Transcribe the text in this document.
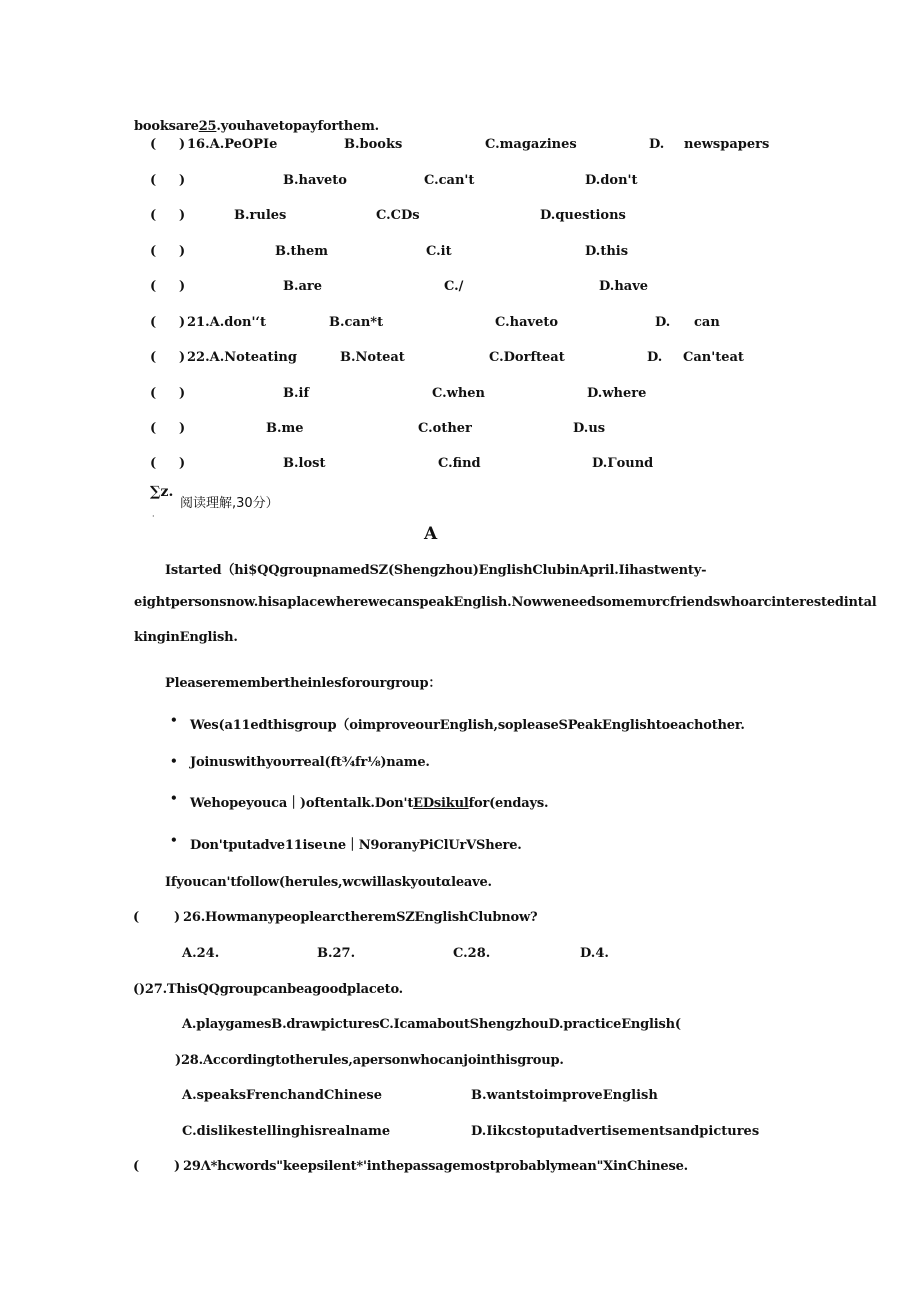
booksare25.youhavetopayforthem.
( ) 16.A.PeOPIe	B.books	C.magazines	D. newspapers
( )	B.haveto	C.can't	D.don't
( )	B.rules	C.CDs	D.questions
( )	B.them	C.it	D.this
( )	B.are	C./	D.have
( ) 21.A.don'‘t	B.can*t	C.haveto	D. can
( ) 22.A.Noteating	B.Noteat	C.Dorfteat	D. Can'teat
( )	B.if	C.when	D.where
( )	B.me	C.other	D.us
( )	B.lost	C.find	D.Γound
∑z.
·
阅读理解,30分）
A
Istarted（hi$QQgroupnamedSZ(Shengzhou)EnglishClubinApril.Iihastwenty-
eightpersonsnow.hisaplacewherewecanspeakEnglish.Nowweneedsomemυrcfriendswhoarcinterestedintal
kinginEnglish.
Pleaseremembertheinlesforourgroup：
• Wes(a11edthisgroup（oimproveourEnglish,sopleaseSPeakEnglishtoeachother.
• Joinuswithyoυrreal(ft¾fr⅛)name.
• Wehopeyouca｜)oftentalk.Don'tEDsikulfor(endays.
• Don'tputadve11iseιne｜N9oranyPiClUrVShere.
Ifyoucan'tfollow(herules,wcwillaskyoutαleave.
(	) 26.HowmanypeoplearctheremSZEnglishClubnow?
A.24.	B.27.	C.28.	D.4.
()27.ThisQQgroupcanbeagoodplaceto.
A.playgamesB.drawpicturesC.IcamaboutShengzhouD.practiceEnglish(
)28.Accordingtotherules,apersonwhocanjointhisgroup.
A.speaksFrenchandChinese	B.wantstoimproveEnglish
C.dislikestellinghisrealname	D.Iikcstoputadvertisementsandpictures
(	) 29Λ*hcwords"keepsilent*'inthepassagemostprobablymean"XinChinese.
